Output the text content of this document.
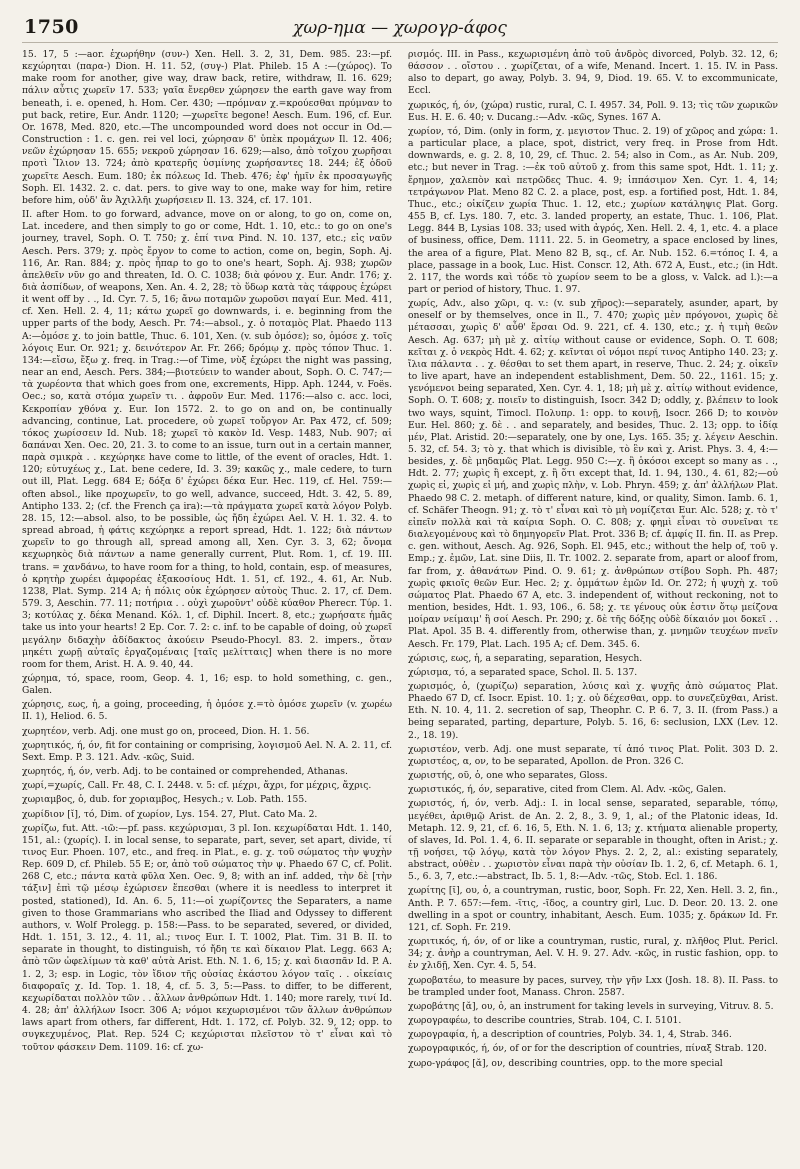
1750	χωρ-ηµα — χωρογρ-άφος

15. 17, 5 :—aor. ἐχωρήθην (συν-) Xen. Hell. 3. 2, 31, Dem. 985. 23:—pf. κεχώρηται (παρα-) Dion. H. 11. 52, (συγ-) Plat. Phileb. 15 A :—(χώρος). To make room for another, give way, draw back, retire, withdraw, Il. 16. 629; πάλιν αὖτις χωρεῖν 17. 533; γαῖα ἔνερθεν χώρησεν the earth gave way from beneath, i. e. opened, h. Hom. Cer. 430; —πρόμναν χ.=κρούεσθαι πρύμναν to put back, retire, Eur. Andr. 1120; —χωρεῖτε begone! Aesch. Eum. 196, cf. Eur. Or. 1678, Med. 820, etc.—The uncompounded word does not occur in Od.—Construction : 1. c. gen. rei vel loci, χώρησαν δ' ὑπὲκ προμάχων Il. 12. 406; νεῶν ἐχώρησαν 15. 655; νεκροῦ χώρησαν 16. 629;—also, ἀπὸ τοῖχου χωρῆσαι πρoτὶ Ἴλιον 13. 724; ἀπὸ κρατερῆς ὑσμίνης χωρήσαντες 18. 244; ἐξ ὁδοῦ χωρεῖτε Aesch. Eum. 180; ἐκ πόλεως Id. Theb. 476; ἐφ' ἡμῖν ἐκ προσαγωγῆς Soph. El. 1432. 2. c. dat. pers. to give way to one, make way for him, retire before him, οὐδ' ἂν Ἀχιλλῆι χωρήσειεν Il. 13. 324, cf. 17. 101.

II. after Hom. to go forward, advance, move on or along, to go on, come on, Lat. incedere, and then simply to go or come, Hdt. 1. 10, etc.: to go on one's journey, travel, Soph. O. T. 750; χ. ἐπί τινα Pind. N. 10. 137, etc.; εἰς ναῦν Aesch. Pers. 379; χ. πρὸς ἔργον to come to action, come on, begin, Soph. Aj. 116, Ar. Ran. 884; χ. πρὸς ἧπαρ to go to one's heart, Soph. Aj. 938; χωρῶν ἀπελθεῖν νῦν go and threaten, Id. O. C. 1038; διὰ φόνου χ. Eur. Andr. 176; χ. διὰ ἀσπίδων, of weapons, Xen. An. 4. 2, 28; τὸ ὕδωρ κατὰ τὰς τάφρους ἐχώρει it went off by . ., Id. Cyr. 7. 5, 16; ἄνω ποταμῶν χωροῦσι παγαί Eur. Med. 411, cf. Xen. Hell. 2. 4, 11; κάτω χωρεῖ go downwards, i. e. beginning from the upper parts of the body, Aesch. Pr. 74:—absol., χ. ὁ ποταμὸς Plat. Phaedo 113 A:—ὁμόσε χ. to join battle, Thuc. 6. 101, Xen. (v. sub ὁμόσε); so, ὁμόσε χ. τοῖς λόγοις Eur. Or. 921; χ. δεινότερον Ar. Fr. 266; δρόμῳ χ. πρὸς τόπον Thuc. 1. 134:—εἴσω, ἔξω χ. freq. in Trag.:—of Time, νὺξ ἐχώρει the night was passing, near an end, Aesch. Pers. 384;—βιοτεύειν to wander about, Soph. O. C. 747;—τὰ χωρέοντα that which goes from one, excrements, Hipp. Aph. 1244, v. Foës. Oec.; so, κατὰ στόμα χωρεῖν τι. . ἀφροῦν Eur. Med. 1176:—also c. acc. loci, Κεκροπίαν χθόνα χ. Eur. Ion 1572. 2. to go on and on, be continually advancing, continue, Lat. procedere, οὐ χωρεῖ τοὔργον Ar. Pax 472, cf. 509; τόκος χωρίσσειν Id. Nub. 18; χωρεῖ τὸ κακὸν Id. Vesp. 1483, Nub. 907; αἱ δαπάναι Xen. Oec. 20, 21. 3. to come to an issue, turn out in a certain manner, παρὰ σμικρὰ . . κεχώρηκε have come to little, of the event of oracles, Hdt. 1. 120; εὐτυχέως χ., Lat. bene cedere, Id. 3. 39; κακῶς χ., male cedere, to turn out ill, Plat. Legg. 684 E; δόξα δ' ἐχώρει δέκα Eur. Hec. 119, cf. Hel. 759:—often absol., like προχωρεῖν, to go well, advance, succeed, Hdt. 3. 42, 5. 89, Antipho 133. 2; (cf. the French ça ira):—τὰ πράγματα χωρεῖ κατὰ λόγον Polyb. 28. 15, 12:—absol. also, to be possible, ὡς ἤδη ἐχώρει Ael. V. H. 1. 32. 4. to spread abroad, ἡ φάτις κεχώρηκε a report spread, Hdt. 1. 122; διὰ πάντων χωρεῖν to go through all, spread among all, Xen. Cyr. 3. 3, 62; ὄνομα κεχωρηκὸς διὰ πάντων a name generally current, Plut. Rom. 1, cf. 19. III. trans. = χανδάνω, to have room for a thing, to hold, contain, esp. of measures, ὁ κρητὴρ χωρέει ἀμφορέας ἑξακοσίους Hdt. 1. 51, cf. 192., 4. 61, Ar. Nub. 1238, Plat. Symp. 214 A; ἡ πόλις οὐκ ἐχώρησεν αὐτοὺς Thuc. 2. 17, cf. Dem. 579. 3, Aeschin. 77. 11; ποτήρια . . οὐχὶ χωροῦντ' οὐδὲ κύαθον Pherecr. Τύρ. 1. 3; κοτύλας χ. δέκα Menand. Κόλ. 1, cf. Diphil. Incert. 8, etc.; χωρήσατε ἡμᾶς take us into your hearts! 2 Ep. Cor. 7. 2: c. inf. to be capable of doing, οὐ χωρεῖ μεγάλην διδαχὴν ἀδίδακτος ἀκούειν Pseudo-Phocyl. 83. 2. impers., ὅταν μηκέτι χωρῇ αὐταῖς ἐργαζομέναις [ταῖς μελίτταις] when there is no more room for them, Arist. H. A. 9. 40, 44.

χώρημα, τό, space, room, Geop. 4. 1, 16; esp. to hold something, c. gen., Galen.

χώρησις, εως, ἡ, a going, proceeding, ἡ ὁμόσε χ.=τὸ ὁμόσε χωρεῖν (v. χωρέω II. 1), Heliod. 6. 5.

χωρητέον, verb. Adj. one must go on, proceed, Dion. H. 1. 56.

χωρητικός, ή, όν, fit for containing or comprising, λογισμοῦ Ael. N. A. 2. 11, cf. Sext. Emp. P. 3. 121. Adv. -κῶς, Suid.

χωρητός, ή, όν, verb. Adj. to be contained or comprehended, Athanas.

χωρί,=χωρίς, Call. Fr. 48, C. I. 2448. v. 5: cf. μέχρι, ἄχρι, for μέχρις, ἄχρις.

χωριαμβος, ὁ, dub. for χοριαμβος, Hesych.; v. Lob. Path. 155.

χωρίδιον [ῐ], τό, Dim. of χωρίον, Lys. 154. 27, Plut. Cato Ma. 2.

χωρίζω, fut. Att. -ιῶ:—pf. pass. κεχώρισμαι, 3 pl. Ion. κεχωρίδαται Hdt. 1. 140, 151, al.: (χωρίς). I. in local sense, to separate, part, sever, set apart, divide, τί τινος Eur. Phoen. 107, etc., and freq. in Plat., e. g. χ. τοῦ σώματος τὴν ψυχὴν Rep. 609 D, cf. Phileb. 55 E; or, ἀπὸ τοῦ σώματος τὴν ψ. Phaedo 67 C, cf. Polit. 268 C, etc.; πάντα κατὰ φῦλα Xen. Oec. 9, 8; with an inf. added, τὴν δὲ [τὴν τάξιν] ἐπὶ τῷ μέσῳ ἐχώρισεν ἕπεσθαι (where it is needless to interpret it posted, stationed), Id. An. 6. 5, 11:—οἱ χωρίζοντες the Separaters, a name given to those Grammarians who ascribed the Iliad and Odyssey to different authors, v. Wolf Prolegg. p. 158:—Pass. to be separated, severed, or divided, Hdt. 1. 151, 3. 12., 4. 11, al.; τινος Eur. I. T. 1002, Plat. Tim. 31 B. II. to separate in thought, to distinguish, τό ἤδη τε καὶ δίκαιον Plat. Legg. 663 A; ἀπὸ τῶν ὠφελίμων τὰ καθ' αὑτὰ Arist. Eth. N. 1. 6, 15; χ. καὶ διασπᾶν Id. P. A. 1. 2, 3; esp. in Logic, τὸν ἴδιον τῆς οὐσίας ἑκάστου λόγον ταῖς . . οἰκείαις διαφοραῖς χ. Id. Top. 1. 18, 4, cf. 5. 3, 5:—Pass. to differ, to be different, κεχωρίδαται πολλὸν τῶν . . ἄλλων ἀνθρώπων Hdt. 1. 140; more rarely, τινί Id. 4. 28; ἀπ' ἀλλήλων Isocr. 306 A; νόμοι κεχωρισμένοι τῶν ἄλλων ἀνθρώπων laws apart from others, far different, Hdt. 1. 172, cf. Polyb. 32. 9, 12; opp. to συγκεχυμένος, Plat. Rep. 524 C; κεχώρισται πλεῖστον τὸ τ' εἶναι καὶ τὸ τοῦτον φάσκειν Dem. 1109. 16: cf. χω-

ρισμός. III. in Pass., κεχωρισμένη ἀπὸ τοῦ ἀνδρὸς divorced, Polyb. 32. 12, 6; θάσσον . . οἴστου . . χωρίζεται, of a wife, Menand. Incert. 1. 15. IV. in Pass. also to depart, go away, Polyb. 3. 94, 9, Diod. 19. 65. V. to excommunicate, Eccl.

χωρικός, ή, όν, (χώρα) rustic, rural, C. I. 4957. 34, Poll. 9. 13; τὶς τῶν χωρικῶν Eus. H. E. 6. 40; v. Ducang.:—Adv. -κῶς, Synes. 167 A.

χωρίον, τό, Dim. (only in form, χ. μεγιστον Thuc. 2. 19) of χῶρος and χώρα: 1. a particular place, a place, spot, district, very freq. in Prose from Hdt. downwards, e. g. 2. 8, 10, 29, cf. Thuc. 2. 54; also in Com., as Ar. Nub. 209, etc.; but never in Trag. :—ἐκ τοῦ αὐτοῦ χ. from this same spot, Hdt. 1. 11; χ. ἔρημον, χαλεπὸν καὶ πετρῶδες Thuc. 4. 9; ἱππάσιμον Xen. Cyr. 1. 4, 14; τετράγωνον Plat. Meno 82 C. 2. a place, post, esp. a fortified post, Hdt. 1. 84, Thuc., etc.; οἰκίζειν χωρία Thuc. 1. 12, etc.; χωρίων κατάληψις Plat. Gorg. 455 B, cf. Lys. 180. 7, etc. 3. landed property, an estate, Thuc. 1. 106, Plat. Legg. 844 B, Lysias 108. 33; used with ἀγρός, Xen. Hell. 2. 4, 1, etc. 4. a place of business, office, Dem. 1111. 22. 5. in Geometry, a space enclosed by lines, the area of a figure, Plat. Meno 82 B, sq., cf. Ar. Nub. 152. 6.=τόπος I. 4, a place, passage in a book, Luc. Hist. Conscr. 12, Ath. 672 A, Eust., etc.; (in Hdt. 2. 117, the words καὶ τόδε τὸ χωρίον seem to be a gloss, v. Valck. ad l.):—a part or period of history, Thuc. 1. 97.

χωρίς, Adv., also χῶρι, q. v.: (v. sub χῆρος):—separately, asunder, apart, by oneself or by themselves, once in Il., 7. 470; χωρὶς μὲν πρόγονοι, χωρὶς δὲ μέτασσαι, χωρὶς δ' αὖθ' ἕρσαι Od. 9. 221, cf. 4. 130, etc.; χ. ἡ τιμὴ θεῶν Aesch. Ag. 637; μὴ μὲ χ. αἰτίῳ without cause or evidence, Soph. O. T. 608; κεῖται χ. ὁ νεκρὸς Hdt. 4. 62; χ. κεῖνται οἱ νόμοι περί τινος Antipho 140. 23; χ. ἴλια πάλαντα . . χ. θέσθαι to set them apart, in reserve, Thuc. 2. 24; χ. οἰκεῖν to live apart, have an independent establishment, Dem. 50. 22., 1161. 15; χ. γενόμενοι being separated, Xen. Cyr. 4. 1, 18; μὴ μὲ χ. αἰτίῳ without evidence, Soph. O. T. 608; χ. ποιεῖν to distinguish, Isocr. 342 D; oddly, χ. βλέπειν to look two ways, squint, Timocl. Πολυπρ. 1: opp. to κοινῇ, Isocr. 266 D; to κοινὸν Eur. Hel. 860; χ. δὲ . . and separately, and besides, Thuc. 2. 13; opp. to ἰδίᾳ μέν, Plat. Aristid. 20:—separately, one by one, Lys. 165. 35; χ. λέγειν Aeschin. 5. 32, cf. 54. 3; τὸ χ. that which is divisible, τὸ ἓν καὶ χ. Arist. Phys. 3. 4, 4:—besides, χ. δὲ μηδαμῶς Plat. Legg. 950 C:—χ. ἢ ὁκόσοι except so many as . ., Hdt. 2. 77; χωρὶς ἢ except, χ. ἢ ὅτι except that, Id. 1. 94, 130., 4. 61, 82;—οὐ χωρὶς εἰ, χωρὶς εἰ μή, and χωρὶς πλὴν, v. Lob. Phryn. 459; χ. ἀπ' ἀλλήλων Plat. Phaedo 98 C. 2. metaph. of different nature, kind, or quality, Simon. Iamb. 6. 1, cf. Schäfer Theogn. 91; χ. τὸ τ' εἶναι καὶ τὸ μὴ νομίζεται Eur. Alc. 528; χ. τὸ τ' εἰπεῖν πολλὰ καὶ τὰ καίρια Soph. O. C. 808; χ. φημὶ εἶναι τὸ συνεῖναι τε διαλεγομένους καὶ τὸ δημηγορεῖν Plat. Prot. 336 B; cf. ἀμφίς II. fin. II. as Prep. c. gen. without, Aesch. Ag. 926, Soph. El. 945, etc.; without the help of, τοῦ γ. Emp.; χ. ἐμῶν, Lat. sine Diis, Il. Tr. 1002. 2. separate from, apart or aloof from, far from, χ. ἀθανάτων Pind. O. 9. 61; χ. ἀνθρώπων στίβου Soph. Ph. 487; χωρὶς φκιοῖς θεῶν Eur. Hec. 2; χ. ὀμμάτων ἐμῶν Id. Or. 272; ἡ ψυχὴ χ. τοῦ σώματος Plat. Phaedo 67 A, etc. 3. independent of, without reckoning, not to mention, besides, Hdt. 1. 93, 106., 6. 58; χ. τε γένους οὐκ ἐστιν ὅτῳ μείζονα μοίραν νείμαιμ' ἢ σοί Aesch. Pr. 290; χ. δὲ τῆς δόξης οὐδὲ δίκαιόν μοι δοκεῖ . . Plat. Apol. 35 B. 4. differently from, otherwise than, χ. μνημῶν τευχέων πνεῖν Aesch. Fr. 179, Plat. Lach. 195 A; cf. Dem. 345. 6.

χώρισις, εως, ἡ, a separating, separation, Hesych.

χώρισμα, τό, a separated space, Schol. Il. 5. 137.

χωρισμός, ὁ, (χωρίζω) separation, λύσις καὶ χ. ψυχῆς ἀπὸ σώματος Plat. Phaedo 67 D, cf. Isocr. Epist. 10. 1; χ. οὐ δέχεσθαι, opp. to συνεζεῦχθαι, Arist. Eth. N. 10. 4, 11. 2. secretion of sap, Theophr. C. P. 6. 7, 3. II. (from Pass.) a being separated, parting, departure, Polyb. 5. 16, 6: seclusion, LXX (Lev. 12. 2., 18. 19).

χωριστέον, verb. Adj. one must separate, τί ἀπό τινος Plat. Polit. 303 D. 2. χωριστέος, α, ον, to be separated, Apollon. de Pron. 326 C.

χωριστής, οῦ, ὁ, one who separates, Gloss.

χωριστικός, ή, όν, separative, cited from Clem. Al. Adv. -κῶς, Galen.

χωριστός, ή, όν, verb. Adj.: I. in local sense, separated, separable, τόπῳ, μεγέθει, ἀριθμῷ Arist. de An. 2. 2, 8., 3. 9, 1, al.; of the Platonic ideas, Id. Metaph. 12. 9, 21, cf. 6. 16, 5, Eth. N. 1. 6, 13; χ. κτήματα alienable property, of slaves, Id. Pol. 1. 4, 6. II. separate or separable in thought, often in Arist.; χ. τῇ νοήσει, τῷ λόγῳ, κατὰ τὸν λόγον Phys. 2. 2, 2, al.: existing separately, abstract, οὐθὲν . . χωριστὸν εἶναι παρὰ τὴν οὐσίαν Ib. 1. 2, 6, cf. Metaph. 6. 1, 5., 6. 3, 7, etc.:—abstract, Ib. 5. 1, 8:—Adv. -τῶς, Stob. Ecl. 1. 186.

χωρίτης [ῑ], ου, ὁ, a countryman, rustic, boor, Soph. Fr. 22, Xen. Hell. 3. 2, fin., Anth. P. 7. 657:—fem. -ῖτις, -ῖδος, a country girl, Luc. D. Deor. 20. 13. 2. one dwelling in a spot or country, inhabitant, Aesch. Eum. 1035; χ. δράκων Id. Fr. 121, cf. Soph. Fr. 219.

χωριτικός, ή, όν, of or like a countryman, rustic, rural, χ. πλῆθος Plut. Pericl. 34; χ. ἀνὴρ a countryman, Ael. V. H. 9. 27. Adv. -κῶς, in rustic fashion, opp. to ἐν χλιδῇ, Xen. Cyr. 4. 5, 54.

χωροβατέω, to measure by paces, survey, τὴν γῆν Lxx (Josh. 18. 8). II. Pass. to be trampled under foot, Manass. Chron. 2587.

χωροβάτης [ᾰ], ου, ὁ, an instrument for taking levels in surveying, Vitruv. 8. 5.

χωρογραφέω, to describe countries, Strab. 104, C. I. 5101.

χωρογραφία, ἡ, a description of countries, Polyb. 34. 1, 4, Strab. 346.

χωρογραφικός, ή, όν, of or for the description of countries, πίναξ Strab. 120.

χωρο-γράφος [ᾰ], ον, describing countries, opp. to the more special
